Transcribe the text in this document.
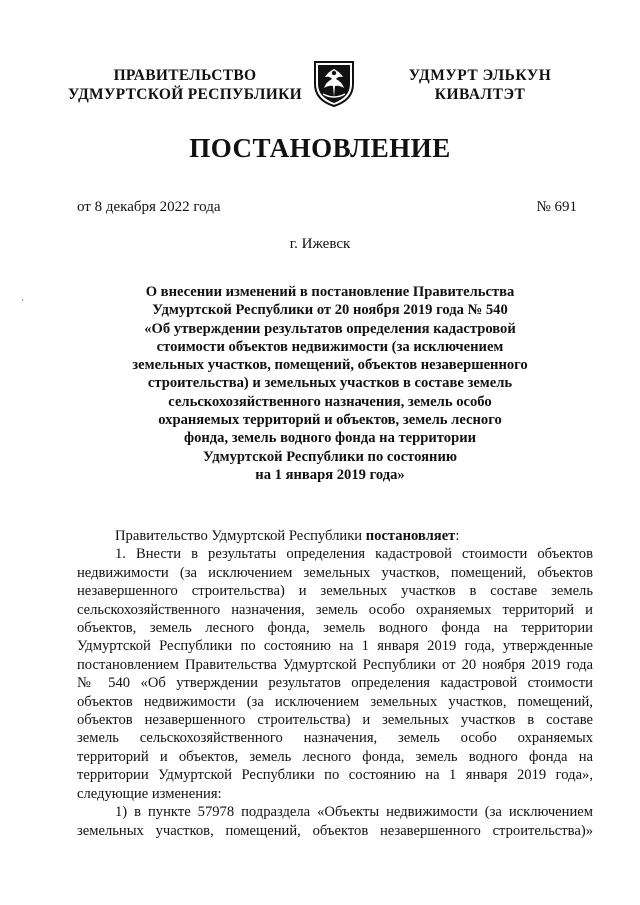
ПРАВИТЕЛЬСТВО
УДМУРТСКОЙ РЕСПУБЛИКИ
УДМУРТ ЭЛЬКУН
КИВАЛТЭТ
ПОСТАНОВЛЕНИЕ
от 8 декабря 2022 года	№ 691
г. Ижевск
О внесении изменений в постановление Правительства
Удмуртской Республики от 20 ноября 2019 года № 540
«Об утверждении результатов определения кадастровой
стоимости объектов недвижимости (за исключением
земельных участков, помещений, объектов незавершенного
строительства) и земельных участков в составе земель
сельскохозяйственного назначения, земель особо
охраняемых территорий и объектов, земель лесного
фонда, земель водного фонда на территории
Удмуртской Республики по состоянию
на 1 января 2019 года»
Правительство Удмуртской Республики постановляет:
1. Внести в результаты определения кадастровой стоимости объектов
недвижимости (за исключением земельных участков, помещений, объектов
незавершенного строительства) и земельных участков в составе земель
сельскохозяйственного назначения, земель особо охраняемых территорий и
объектов, земель лесного фонда, земель водного фонда на территории
Удмуртской Республики по состоянию на 1 января 2019 года, утвержденные
постановлением Правительства Удмуртской Республики от 20 ноября 2019 года
№ 540 «Об утверждении результатов определения кадастровой стоимости
объектов недвижимости (за исключением земельных участков, помещений,
объектов незавершенного строительства) и земельных участков в составе
земель сельскохозяйственного назначения, земель особо охраняемых
территорий и объектов, земель лесного фонда, земель водного фонда на
территории Удмуртской Республики по состоянию на 1 января 2019 года»,
следующие изменения:
1) в пункте 57978 подраздела «Объекты недвижимости (за исключением
земельных участков, помещений, объектов незавершенного строительства)»
